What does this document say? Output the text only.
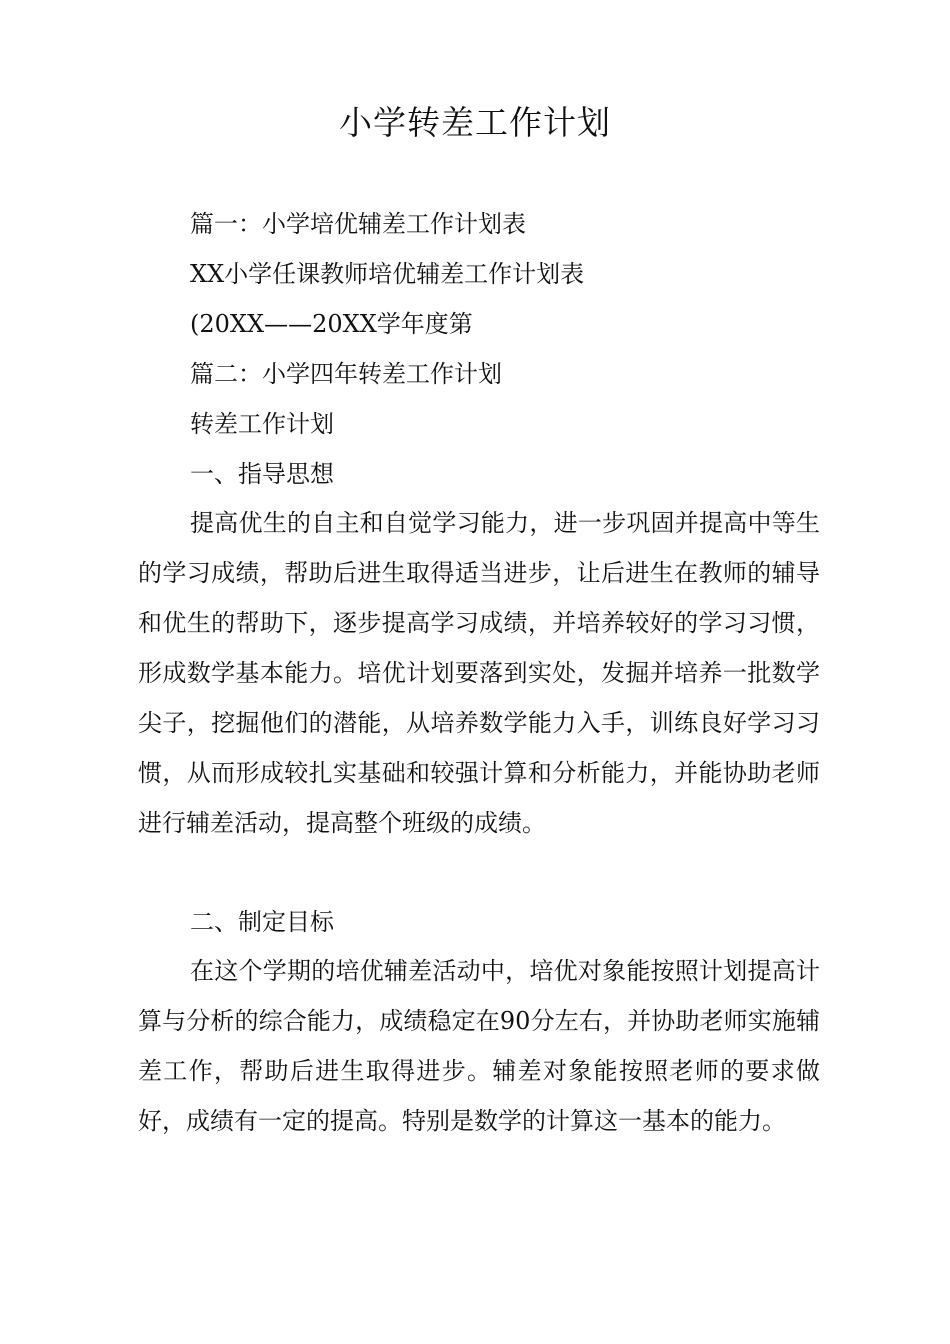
小学转差工作计划

篇一：小学培优辅差工作计划表

XX小学任课教师培优辅差工作计划表

(20XX——20XX学年度第

篇二：小学四年转差工作计划

转差工作计划

一、指导思想

提高优生的自主和自觉学习能力，进一步巩固并提高中等生的学习成绩，帮助后进生取得适当进步，让后进生在教师的辅导和优生的帮助下，逐步提高学习成绩，并培养较好的学习习惯，形成数学基本能力。培优计划要落到实处，发掘并培养一批数学尖子，挖掘他们的潜能，从培养数学能力入手，训练良好学习习惯，从而形成较扎实基础和较强计算和分析能力，并能协助老师进行辅差活动，提高整个班级的成绩。

二、制定目标

在这个学期的培优辅差活动中，培优对象能按照计划提高计算与分析的综合能力，成绩稳定在90分左右，并协助老师实施辅差工作，帮助后进生取得进步。辅差对象能按照老师的要求做好，成绩有一定的提高。特别是数学的计算这一基本的能力。
